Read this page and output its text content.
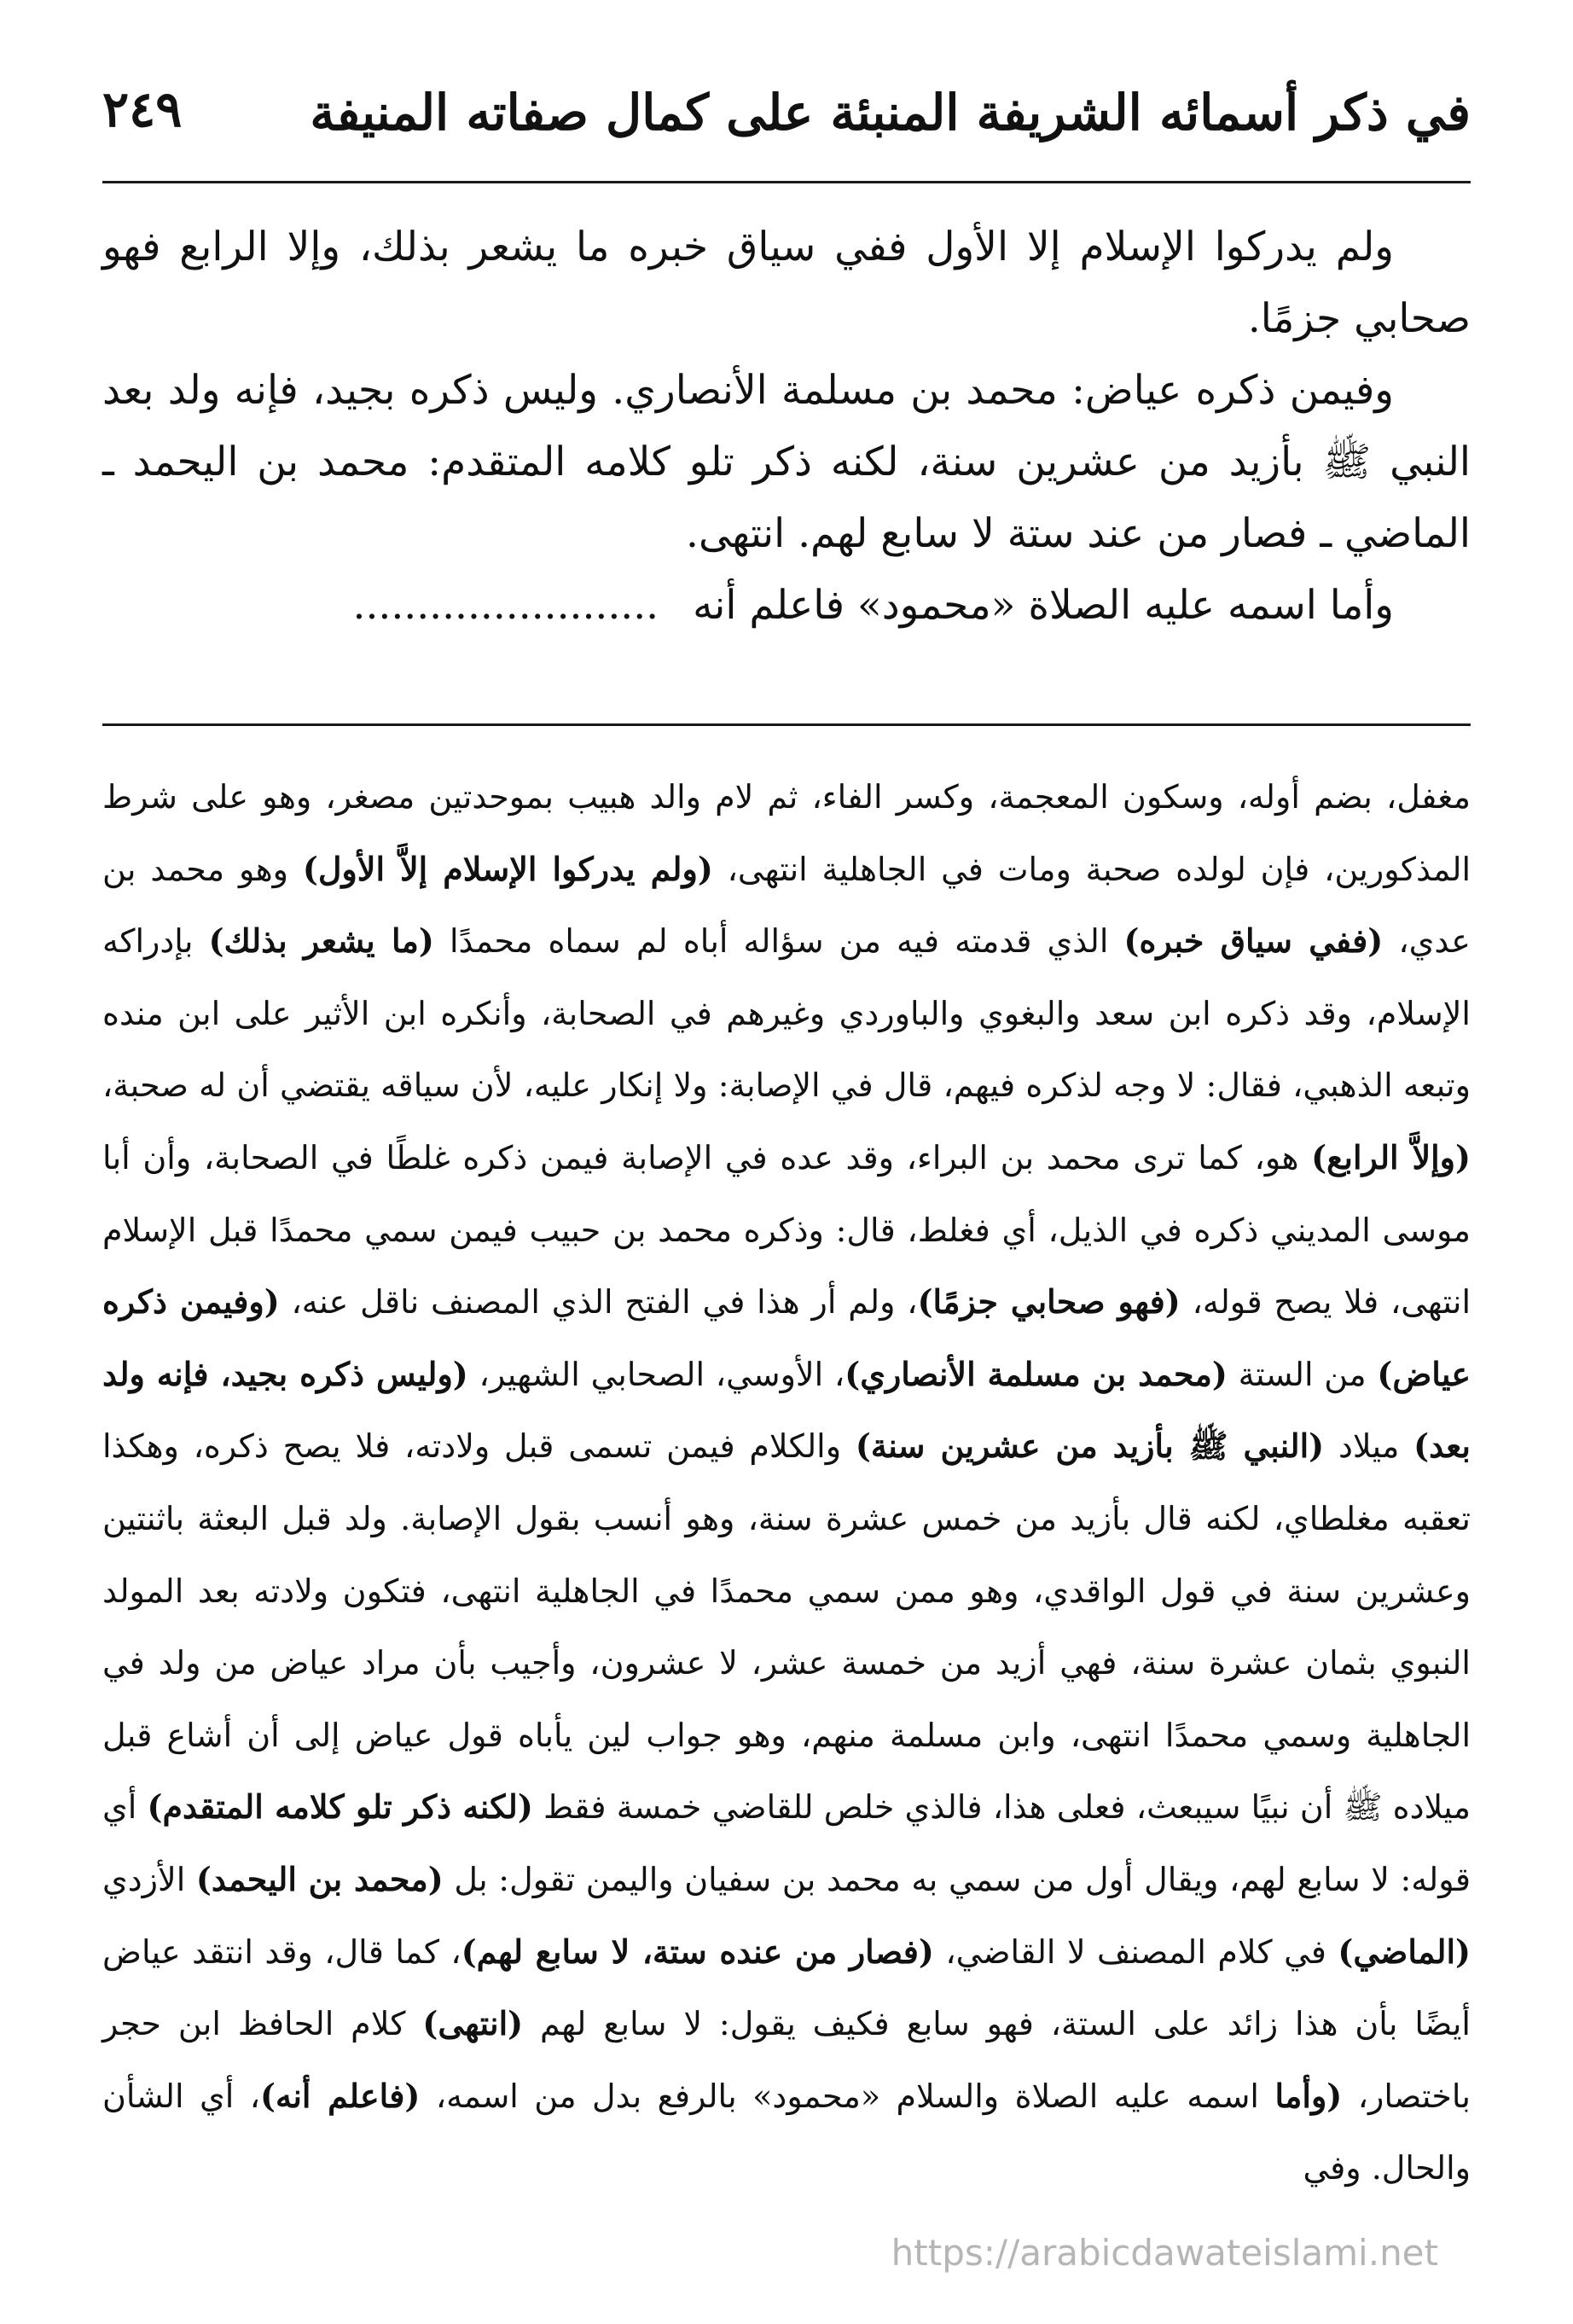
في ذكر أسمائه الشريفة المنبئة على كمال صفاته المنيفة
٢٤٩

ولم يدركوا الإسلام إلا الأول ففي سياق خبره ما يشعر بذلك، وإلا الرابع فهو صحابي جزمًا.

وفيمن ذكره عياض: محمد بن مسلمة الأنصاري. وليس ذكره بجيد، فإنه ولد بعد النبي ﷺ بأزيد من عشرين سنة، لكنه ذكر تلو كلامه المتقدم: محمد بن اليحمد ـ الماضي ـ فصار من عند ستة لا سابع لهم. انتهى.

وأما اسمه عليه الصلاة «محمود» فاعلم أنه........................

مغفل، بضم أوله، وسكون المعجمة، وكسر الفاء، ثم لام والد هبيب بموحدتين مصغر، وهو على شرط المذكورين، فإن لولده صحبة ومات في الجاهلية انتهى، (ولم يدركوا الإسلام إلاَّ الأول) وهو محمد بن عدي، (ففي سياق خبره) الذي قدمته فيه من سؤاله أباه لم سماه محمدًا (ما يشعر بذلك) بإدراكه الإسلام، وقد ذكره ابن سعد والبغوي والباوردي وغيرهم في الصحابة، وأنكره ابن الأثير على ابن منده وتبعه الذهبي، فقال: لا وجه لذكره فيهم، قال في الإصابة: ولا إنكار عليه، لأن سياقه يقتضي أن له صحبة، (وإلاَّ الرابع) هو، كما ترى محمد بن البراء، وقد عده في الإصابة فيمن ذكره غلطًا في الصحابة، وأن أبا موسى المديني ذكره في الذيل، أي فغلط، قال: وذكره محمد بن حبيب فيمن سمي محمدًا قبل الإسلام انتهى، فلا يصح قوله، (فهو صحابي جزمًا)، ولم أر هذا في الفتح الذي المصنف ناقل عنه، (وفيمن ذكره عياض) من الستة (محمد بن مسلمة الأنصاري)، الأوسي، الصحابي الشهير، (وليس ذكره بجيد، فإنه ولد بعد) ميلاد (النبي ﷺ بأزيد من عشرين سنة) والكلام فيمن تسمى قبل ولادته، فلا يصح ذكره، وهكذا تعقبه مغلطاي، لكنه قال بأزيد من خمس عشرة سنة، وهو أنسب بقول الإصابة. ولد قبل البعثة باثنتين وعشرين سنة في قول الواقدي، وهو ممن سمي محمدًا في الجاهلية انتهى، فتكون ولادته بعد المولد النبوي بثمان عشرة سنة، فهي أزيد من خمسة عشر، لا عشرون، وأجيب بأن مراد عياض من ولد في الجاهلية وسمي محمدًا انتهى، وابن مسلمة منهم، وهو جواب لين يأباه قول عياض إلى أن أشاع قبل ميلاده ﷺ أن نبيًا سيبعث، فعلى هذا، فالذي خلص للقاضي خمسة فقط (لكنه ذكر تلو كلامه المتقدم) أي قوله: لا سابع لهم، ويقال أول من سمي به محمد بن سفيان واليمن تقول: بل (محمد بن اليحمد) الأزدي (الماضي) في كلام المصنف لا القاضي، (فصار من عنده ستة، لا سابع لهم)، كما قال، وقد انتقد عياض أيضًا بأن هذا زائد على الستة، فهو سابع فكيف يقول: لا سابع لهم (انتهى) كلام الحافظ ابن حجر باختصار، (وأما اسمه عليه الصلاة والسلام «محمود» بالرفع بدل من اسمه، (فاعلم أنه)، أي الشأن والحال. وفي

https://arabicdawateislami.net
